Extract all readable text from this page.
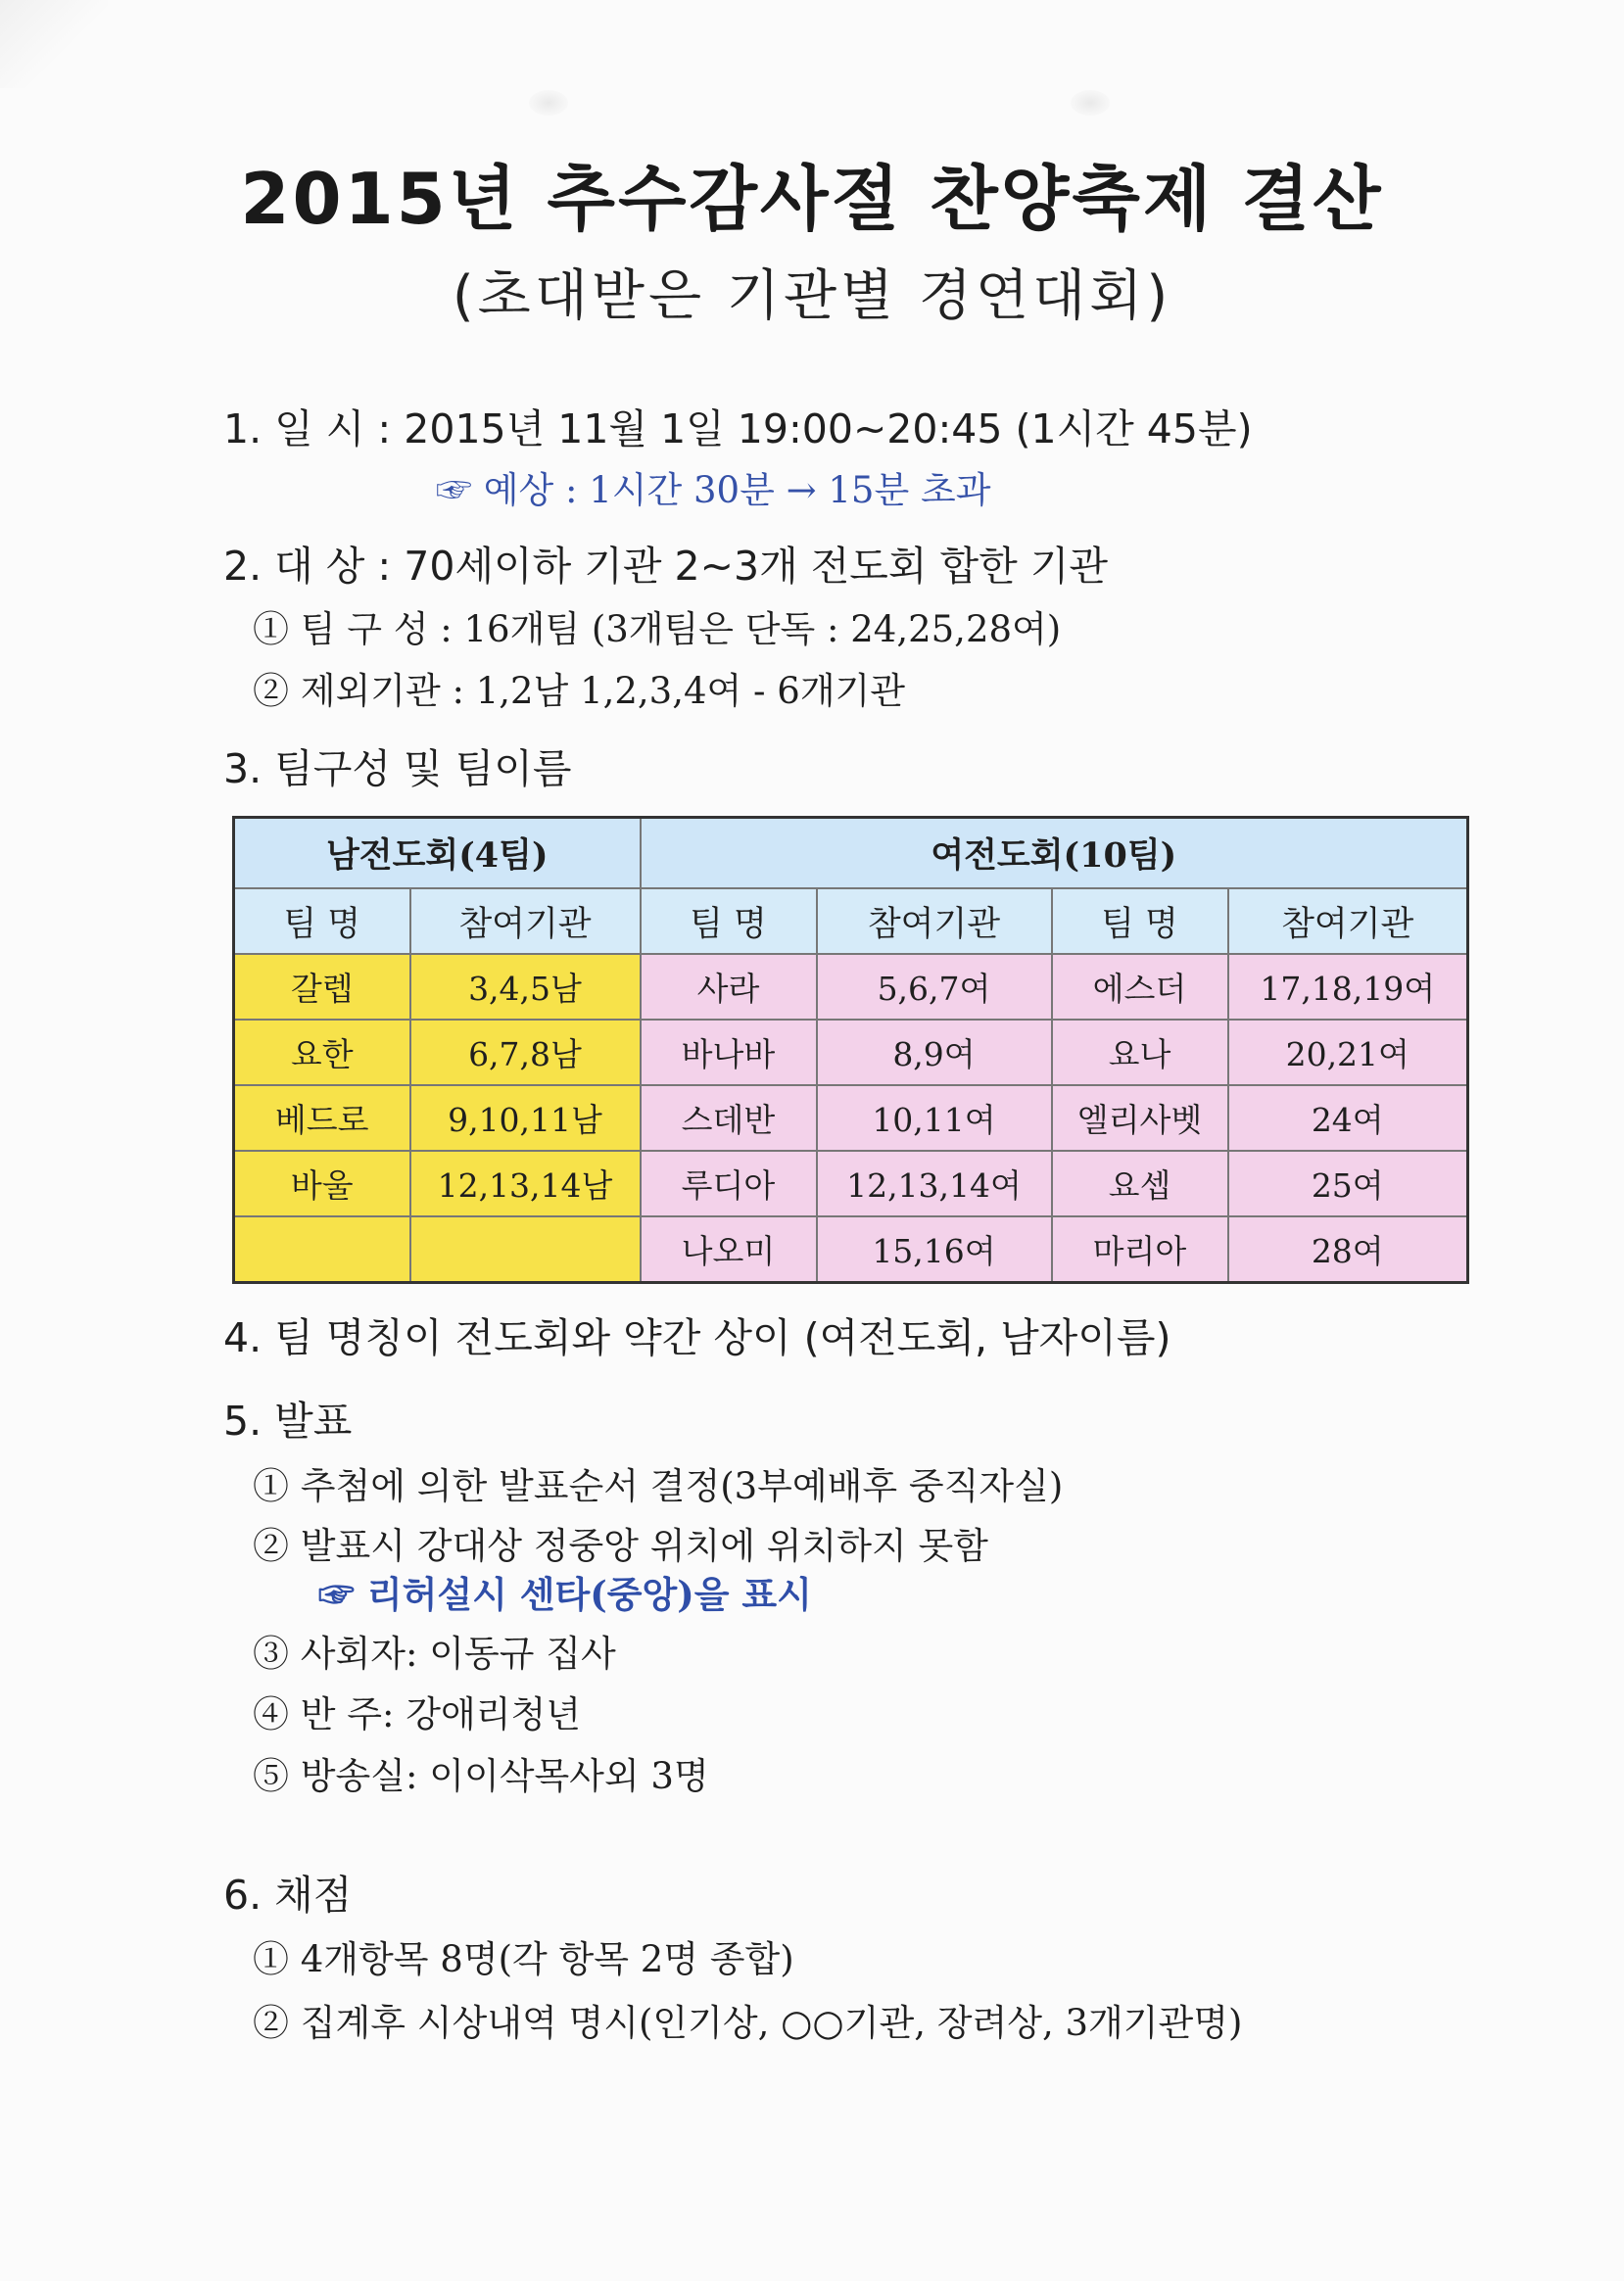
2015년 추수감사절 찬양축제 결산
(초대받은 기관별 경연대회)
1. 일 시 : 2015년 11월 1일 19:00~20:45 (1시간 45분)
☞ 예상 : 1시간 30분 → 15분 초과
2. 대 상 : 70세이하 기관 2~3개 전도회 합한 기관
① 팀 구 성 : 16개팀 (3개팀은 단독 : 24,25,28여)
② 제외기관 : 1,2남 1,2,3,4여 - 6개기관
3. 팀구성 및 팀이름
남전도회(4팀)		여전도회(10팀)			
팀 명	참여기관	팀 명	참여기관	팀 명	참여기관
갈렙	3,4,5남	사라	5,6,7여	에스더	17,18,19여
요한	6,7,8남	바나바	8,9여	요나	20,21여
베드로	9,10,11남	스데반	10,11여	엘리사벳	24여
바울	12,13,14남	루디아	12,13,14여	요셉	25여
		나오미	15,16여	마리아	28여
4. 팀 명칭이 전도회와 약간 상이 (여전도회, 남자이름)
5. 발표
① 추첨에 의한 발표순서 결정(3부예배후 중직자실)
② 발표시 강대상 정중앙 위치에 위치하지 못함
☞ 리허설시 센타(중앙)을 표시
③ 사회자: 이동규 집사
④ 반 주: 강애리청년
⑤ 방송실: 이이삭목사외 3명
6. 채점
① 4개항목 8명(각 항목 2명 종합)
② 집계후 시상내역 명시(인기상, ○○기관, 장려상, 3개기관명)
